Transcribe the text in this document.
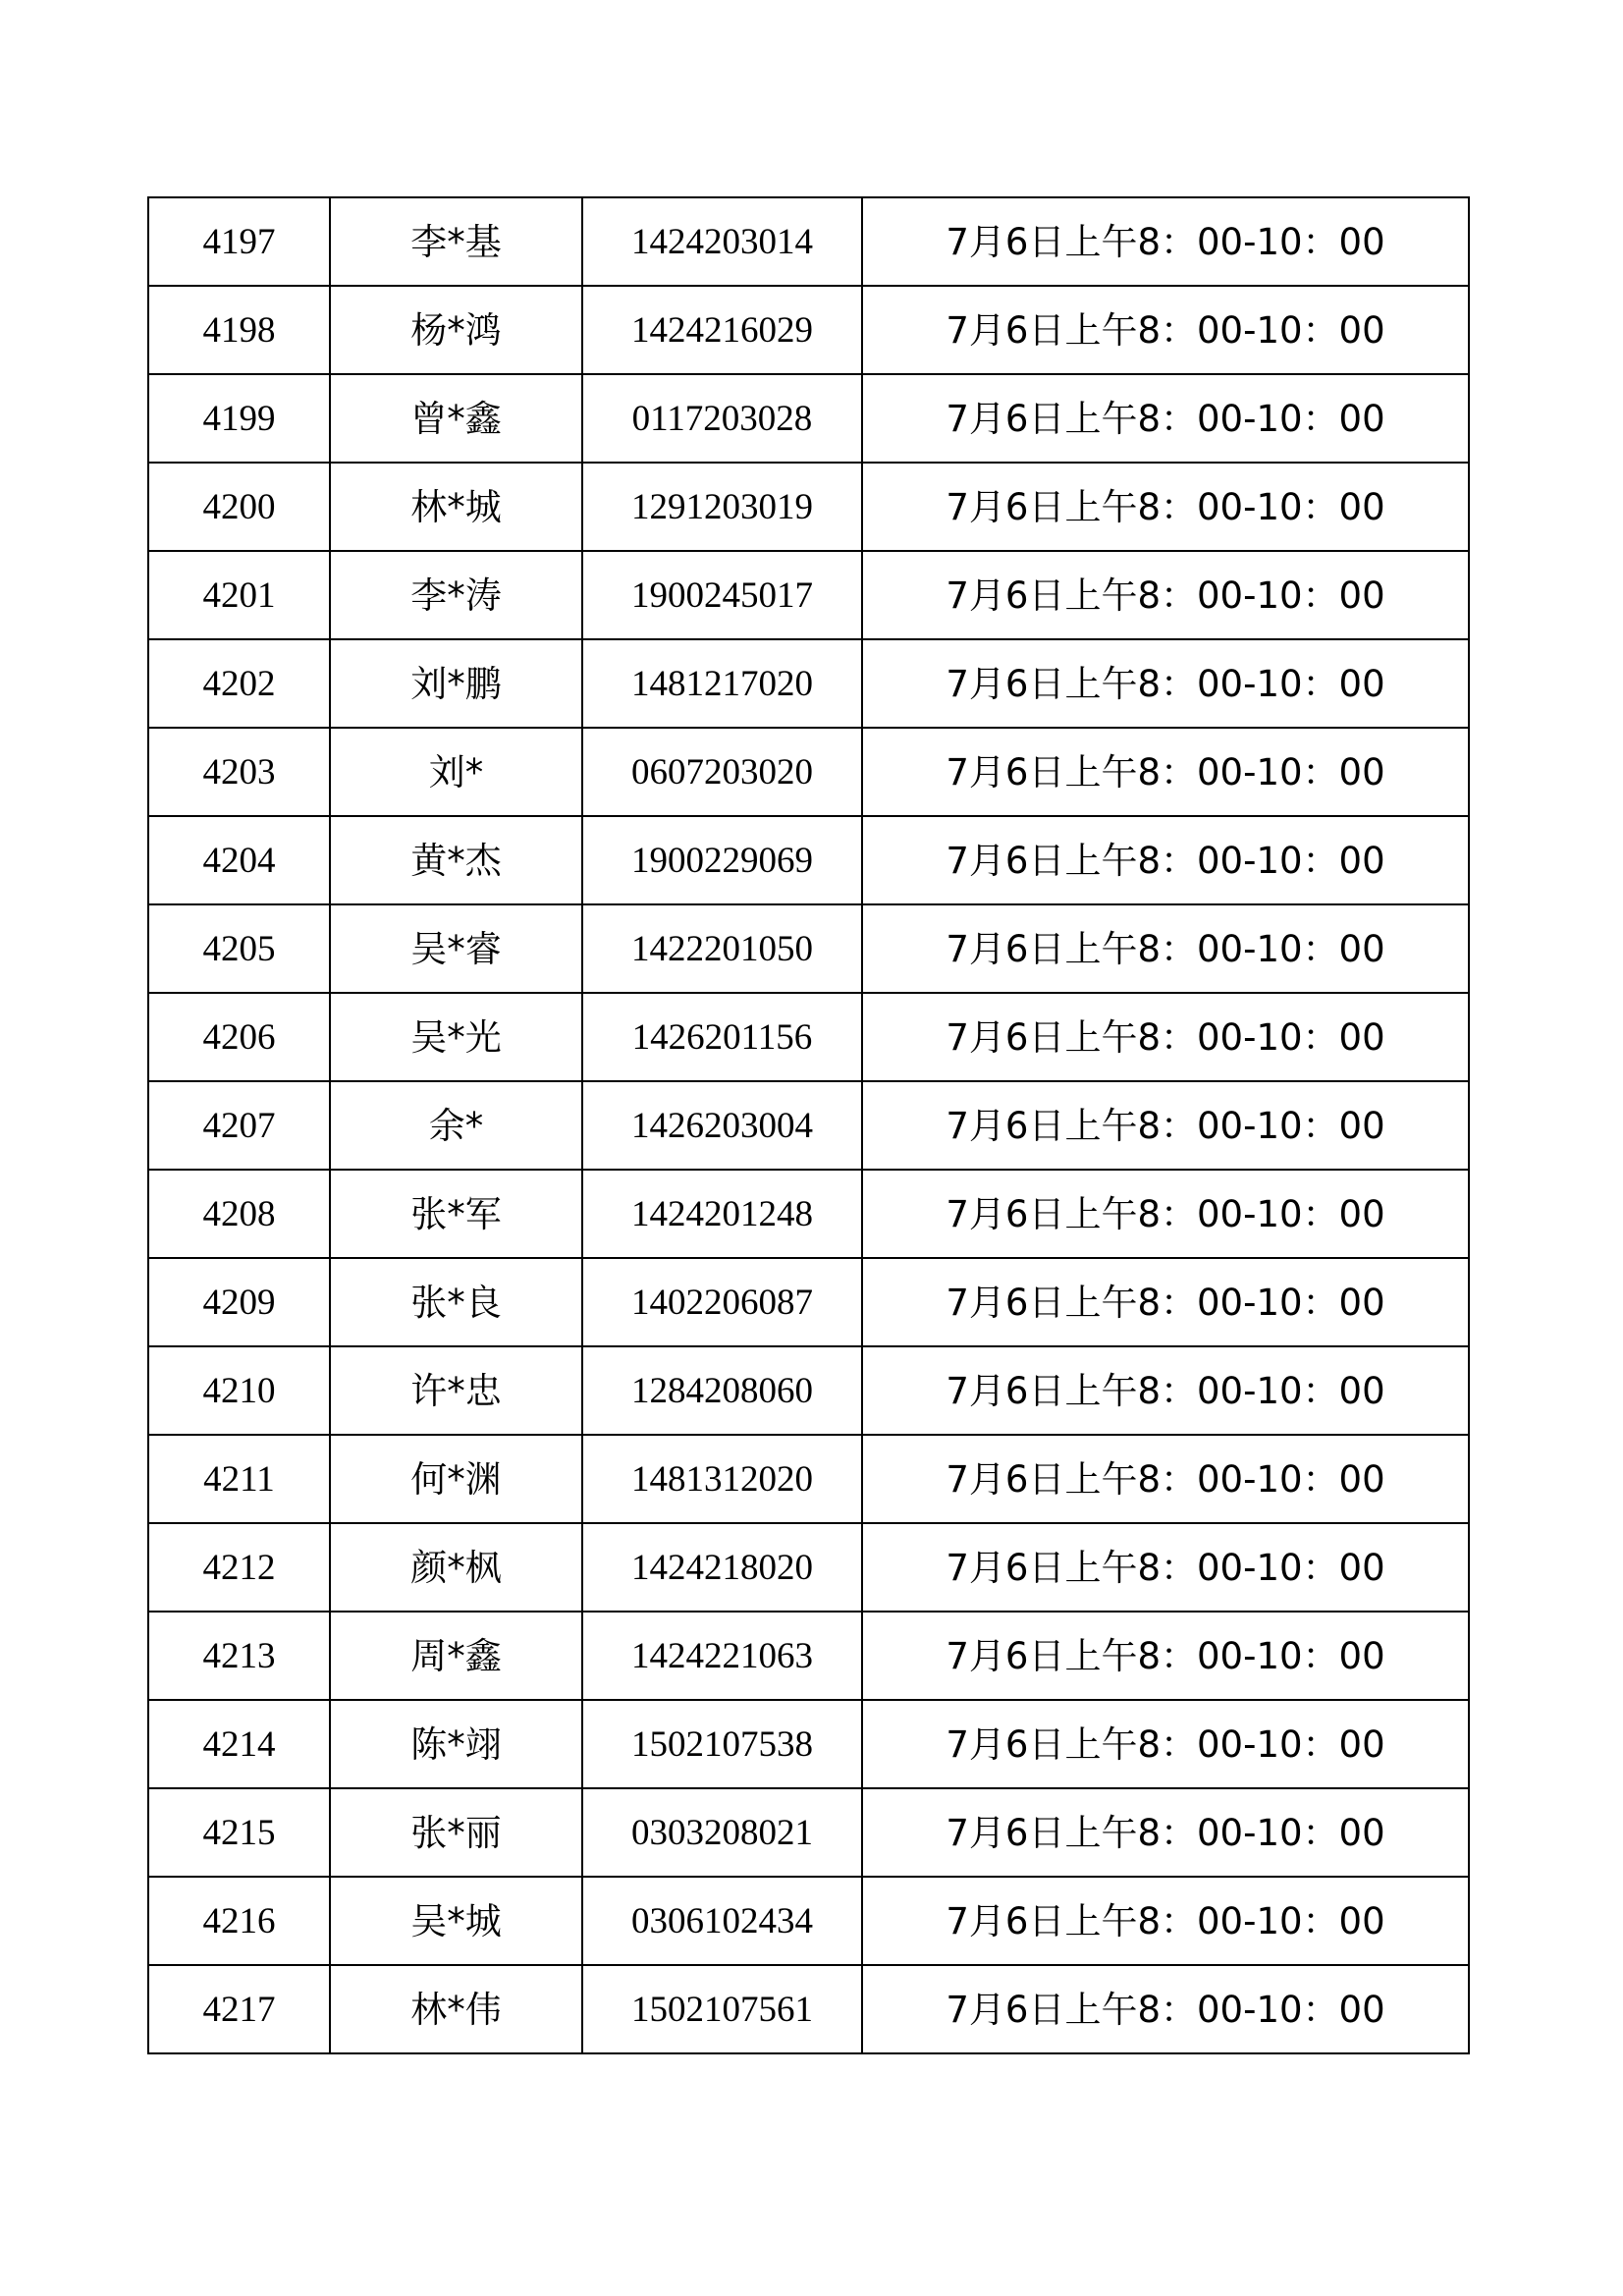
4197	李*基	1424203014	7月6日上午8：00-10：00
4198	杨*鸿	1424216029	7月6日上午8：00-10：00
4199	曾*鑫	0117203028	7月6日上午8：00-10：00
4200	林*城	1291203019	7月6日上午8：00-10：00
4201	李*涛	1900245017	7月6日上午8：00-10：00
4202	刘*鹏	1481217020	7月6日上午8：00-10：00
4203	刘*	0607203020	7月6日上午8：00-10：00
4204	黄*杰	1900229069	7月6日上午8：00-10：00
4205	吴*睿	1422201050	7月6日上午8：00-10：00
4206	吴*光	1426201156	7月6日上午8：00-10：00
4207	余*	1426203004	7月6日上午8：00-10：00
4208	张*军	1424201248	7月6日上午8：00-10：00
4209	张*良	1402206087	7月6日上午8：00-10：00
4210	许*忠	1284208060	7月6日上午8：00-10：00
4211	何*渊	1481312020	7月6日上午8：00-10：00
4212	颜*枫	1424218020	7月6日上午8：00-10：00
4213	周*鑫	1424221063	7月6日上午8：00-10：00
4214	陈*翊	1502107538	7月6日上午8：00-10：00
4215	张*丽	0303208021	7月6日上午8：00-10：00
4216	吴*城	0306102434	7月6日上午8：00-10：00
4217	林*伟	1502107561	7月6日上午8：00-10：00
